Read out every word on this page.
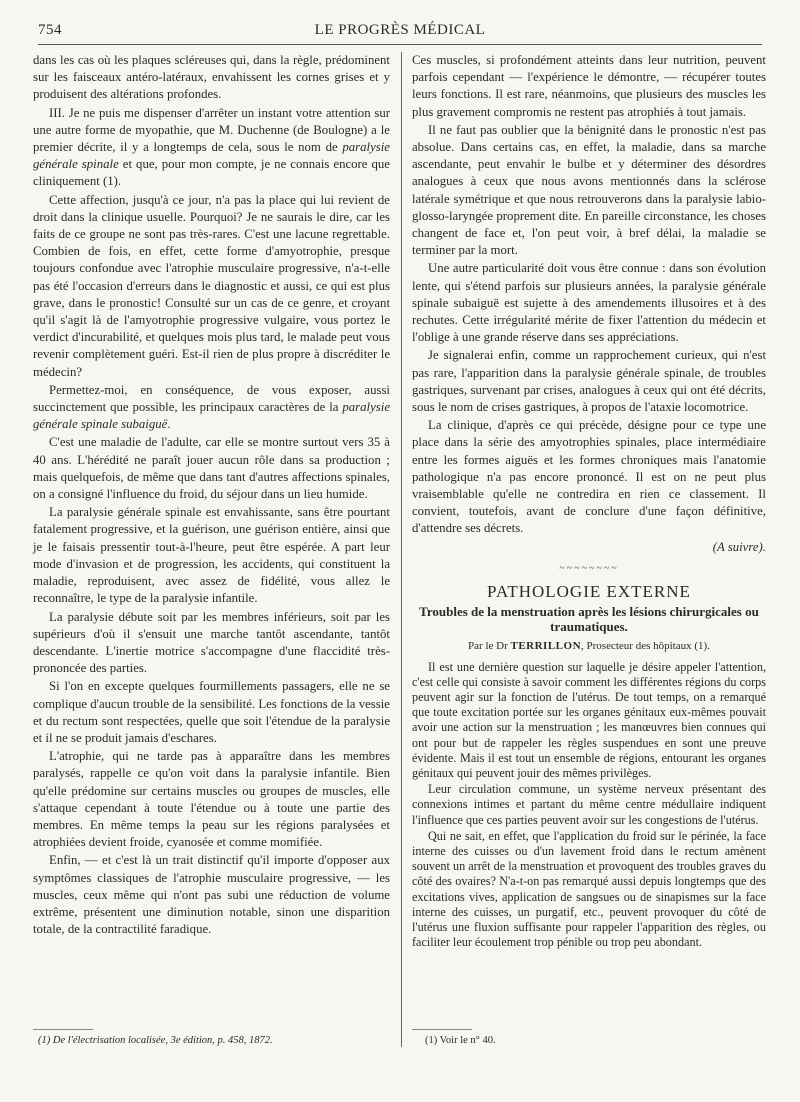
754	LE PROGRÈS MÉDICAL

dans les cas où les plaques scléreuses qui, dans la règle, prédominent sur les faisceaux antéro-latéraux, envahissent les cornes grises et y produisent des altérations profondes.

III. Je ne puis me dispenser d'arrêter un instant votre attention sur une autre forme de myopathie, que M. Duchenne (de Boulogne) a le premier décrite, il y a longtemps de cela, sous le nom de paralysie générale spinale et que, pour mon compte, je ne connais encore que cliniquement (1).

Cette affection, jusqu'à ce jour, n'a pas la place qui lui revient de droit dans la clinique usuelle. Pourquoi? Je ne saurais le dire, car les faits de ce groupe ne sont pas très-rares. C'est une lacune regrettable. Combien de fois, en effet, cette forme d'amyotrophie, presque toujours confondue avec l'atrophie musculaire progressive, n'a-t-elle pas été l'occasion d'erreurs dans le diagnostic et aussi, ce qui est plus grave, dans le pronostic! Consulté sur un cas de ce genre, et croyant qu'il s'agit là de l'amyotrophie progressive vulgaire, vous portez le verdict d'incurabilité, et quelques mois plus tard, le malade peut vous revenir complètement guéri. Est-il rien de plus propre à discréditer le médecin?

Permettez-moi, en conséquence, de vous exposer, aussi succinctement que possible, les principaux caractères de la paralysie générale spinale subaiguë.

C'est une maladie de l'adulte, car elle se montre surtout vers 35 à 40 ans. L'hérédité ne paraît jouer aucun rôle dans sa production ; mais quelquefois, de même que dans tant d'autres affections spinales, on a consigné l'influence du froid, du séjour dans un lieu humide.

La paralysie générale spinale est envahissante, sans être pourtant fatalement progressive, et la guérison, une guérison entière, ainsi que je le faisais pressentir tout-à-l'heure, peut être espérée. A part leur mode d'invasion et de progression, les accidents, qui constituent la maladie, reproduisent, avec assez de fidélité, vous allez le reconnaître, le type de la paralysie infantile.

La paralysie débute soit par les membres inférieurs, soit par les supérieurs d'où il s'ensuit une marche tantôt ascendante, tantôt descendante. L'inertie motrice s'accompagne d'une flaccidité très-prononcée des parties.

Si l'on en excepte quelques fourmillements passagers, elle ne se complique d'aucun trouble de la sensibilité. Les fonctions de la vessie et du rectum sont respectées, quelle que soit l'étendue de la paralysie et il ne se produit jamais d'eschares.

L'atrophie, qui ne tarde pas à apparaître dans les membres paralysés, rappelle ce qu'on voit dans la paralysie infantile. Bien qu'elle prédomine sur certains muscles ou groupes de muscles, elle s'attaque cependant à toute l'étendue ou à toute une partie des membres. En même temps la peau sur les régions paralysées et atrophiées devient froide, cyanosée et comme momifiée.

Enfin, — et c'est là un trait distinctif qu'il importe d'opposer aux symptômes classiques de l'atrophie musculaire progressive, — les muscles, ceux même qui n'ont pas subi une réduction de volume extrême, présentent une diminution notable, sinon une disparition totale, de la contractilité faradique.

(1) De l'électrisation localisée, 3e édition, p. 458, 1872.

Ces muscles, si profondément atteints dans leur nutrition, peuvent parfois cependant — l'expérience le démontre, — récupérer toutes leurs fonctions. Il est rare, néanmoins, que plusieurs des muscles les plus gravement compromis ne restent pas atrophiés à tout jamais.

Il ne faut pas oublier que la bénignité dans le pronostic n'est pas absolue. Dans certains cas, en effet, la maladie, dans sa marche ascendante, peut envahir le bulbe et y déterminer des désordres analogues à ceux que nous avons mentionnés dans la sclérose latérale symétrique et que nous retrouverons dans la paralysie labio-glosso-laryngée proprement dite. En pareille circonstance, les choses changent de face et, l'on peut voir, à bref délai, la maladie se terminer par la mort.

Une autre particularité doit vous être connue : dans son évolution lente, qui s'étend parfois sur plusieurs années, la paralysie générale spinale subaiguë est sujette à des amendements illusoires et à des rechutes. Cette irrégularité mérite de fixer l'attention du médecin et l'oblige à une grande réserve dans ses appréciations.

Je signalerai enfin, comme un rapprochement curieux, qui n'est pas rare, l'apparition dans la paralysie générale spinale, de troubles gastriques, survenant par crises, analogues à ceux qui ont été décrits, sous le nom de crises gastriques, à propos de l'ataxie locomotrice.

La clinique, d'après ce qui précède, désigne pour ce type une place dans la série des amyotrophies spinales, place intermédiaire entre les formes aiguës et les formes chroniques mais l'anatomie pathologique n'a pas encore prononcé. Il est on ne peut plus vraisemblable qu'elle ne contredira en rien ce classement. Il convient, toutefois, avant de conclure d'une façon définitive, d'attendre ses décrets.

(A suivre).
~~~~~~~~
PATHOLOGIE EXTERNE
Troubles de la menstruation après les lésions chirurgicales ou traumatiques.
Par le Dr TERRILLON, Prosecteur des hôpitaux (1).

Il est une dernière question sur laquelle je désire appeler l'attention, c'est celle qui consiste à savoir comment les différentes régions du corps peuvent agir sur la fonction de l'utérus. De tout temps, on a remarqué que toute excitation portée sur les organes génitaux eux-mêmes pouvait avoir une action sur la menstruation ; les manœuvres bien connues qui ont pour but de rappeler les règles suspendues en sont une preuve évidente. Mais il est tout un ensemble de régions, entourant les organes génitaux qui peuvent jouir des mêmes privilèges.

Leur circulation commune, un système nerveux présentant des connexions intimes et partant du même centre médullaire indiquent l'influence que ces parties peuvent avoir sur les congestions de l'utérus.

Qui ne sait, en effet, que l'application du froid sur le périnée, la face interne des cuisses ou d'un lavement froid dans le rectum amènent souvent un arrêt de la menstruation et provoquent des troubles graves du côté des ovaires? N'a-t-on pas remarqué aussi depuis longtemps que des excitations vives, application de sangsues ou de sinapismes sur la face interne des cuisses, un purgatif, etc., peuvent provoquer du côté de l'utérus une fluxion suffisante pour rappeler l'apparition des règles, ou faciliter leur écoulement trop pénible ou trop peu abondant.

(1) Voir le n° 40.
